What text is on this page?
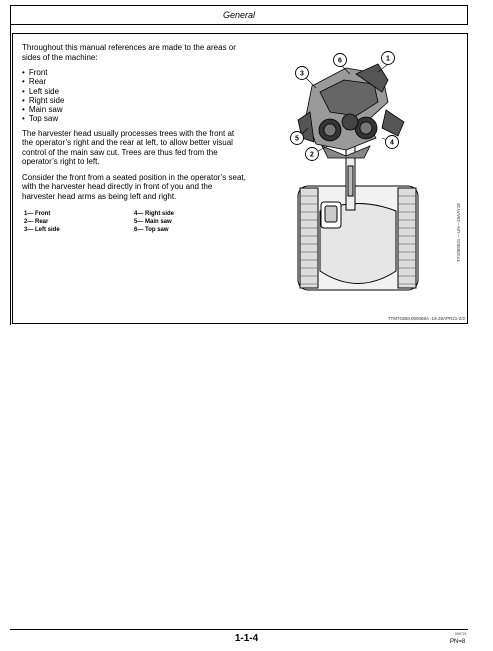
General

Throughout this manual references are made to the areas or sides of the machine:

• Front
• Rear
• Left side
• Right side
• Main saw
• Top saw

The harvester head usually processes trees with the front at the operator’s right and the rear at left, to allow better visual control of the main saw cut. Trees are thus fed from the operator’s right to left.

Consider the front from a seated position in the operator’s seat, with the harvester head directly in front of you and the harvester head arms as being left and right.

1— Front	4— Right side
2— Rear	5— Main saw
3— Left side	6— Top saw
1
2
3
4
5
6
TX1059531 —UN—19AAY18
TTM7GBM,000068A -19-28APR21-2/2
1-1-4	090721
PN=8
